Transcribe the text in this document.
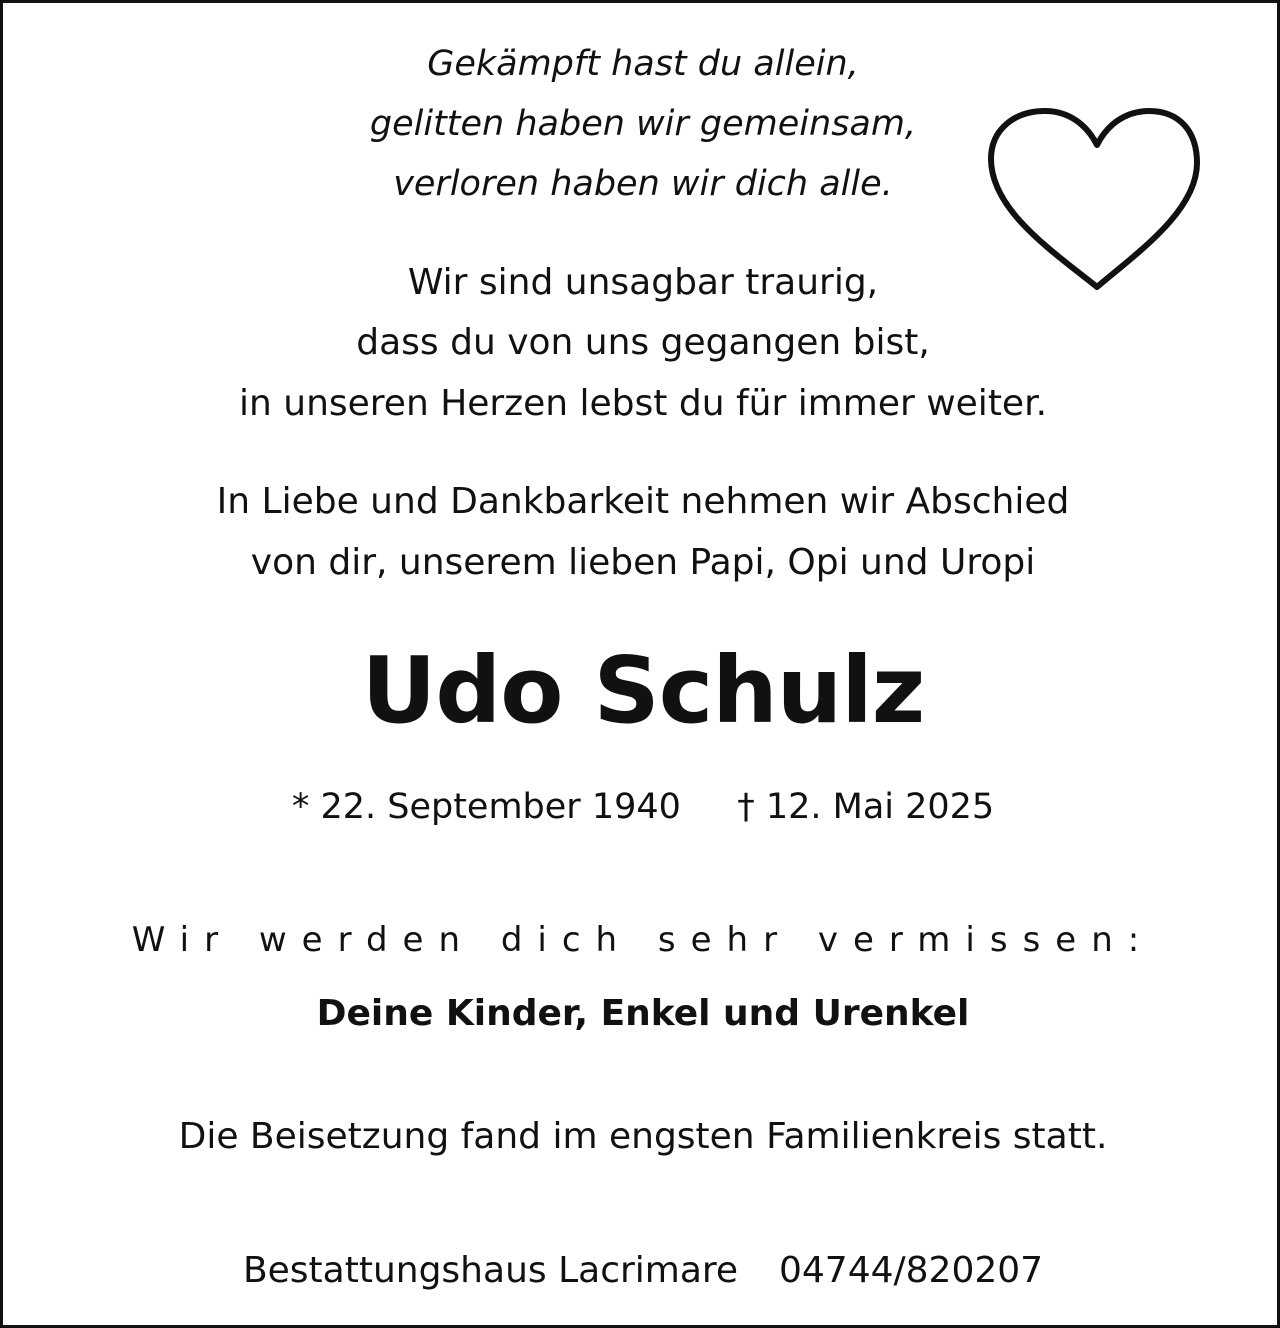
Gekämpft hast du allein,
gelitten haben wir gemeinsam,
verloren haben wir dich alle.
Wir sind unsagbar traurig,
dass du von uns gegangen bist,
in unseren Herzen lebst du für immer weiter.
In Liebe und Dankbarkeit nehmen wir Abschied
von dir, unserem lieben Papi, Opi und Uropi
Udo Schulz
* 22. September 1940 † 12. Mai 2025
Wir werden dich sehr vermissen:
Deine Kinder, Enkel und Urenkel
Die Beisetzung fand im engsten Familienkreis statt.
Bestattungshaus Lacrimare 04744/820207
